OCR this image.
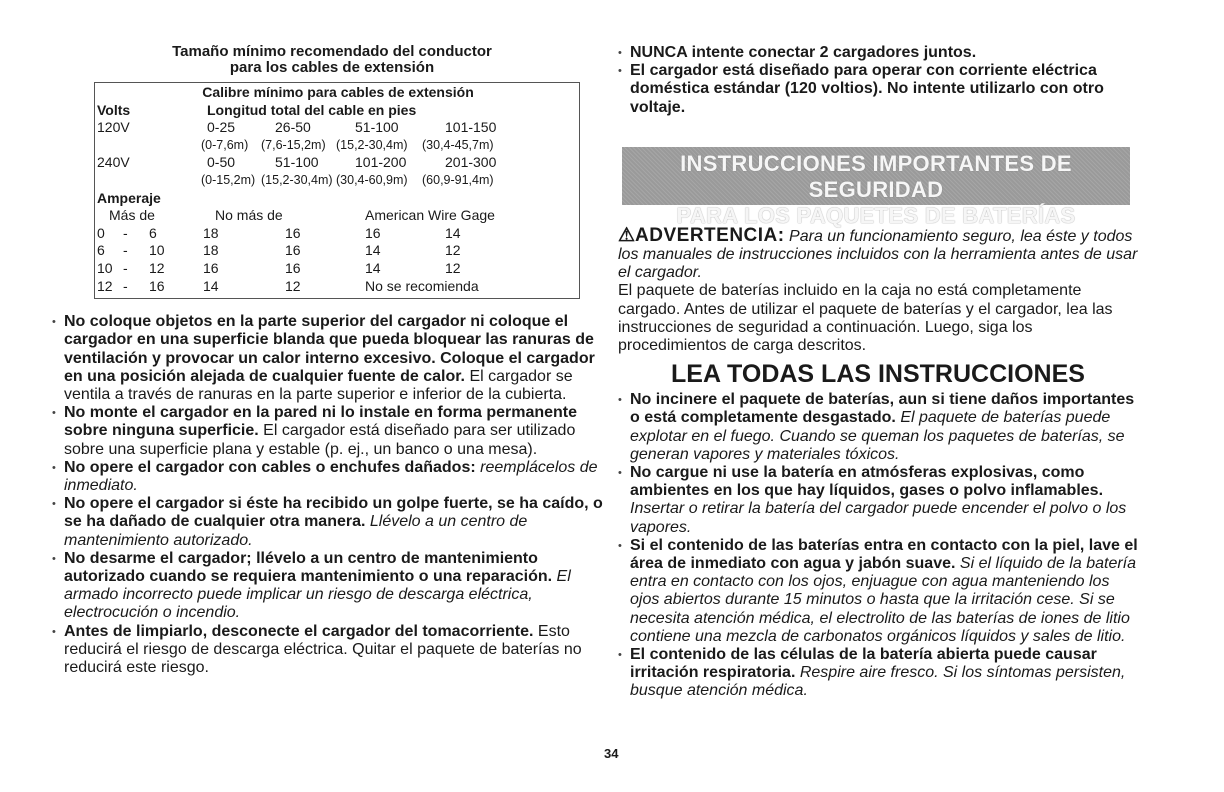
Tamaño mínimo recomendado del conductor
para los cables de extensión
Calibre mínimo para cables de extensión
Volts	Longitud total del cable en pies
120V	0-25	26-50	51-100	101-150
(0-7,6m)	(7,6-15,2m) (15,2-30,4m)	(30,4-45,7m)
240V	0-50	51-100	101-200	201-300
(0-15,2m) (15,2-30,4m) (30,4-60,9m)	(60,9-91,4m)
Amperaje
Más de	No más de	American Wire Gage
0	-	6	18	16	16	14
6	-	10	18	16	14	12
10 -	12	16	16	14	12
12 -	16	14	12	No se recomienda
• No coloque objetos en la parte superior del cargador ni coloque el cargador en una superficie blanda que pueda bloquear las ranuras de ventilación y provocar un calor interno excesivo. Coloque el cargador en una posición alejada de cualquier fuente de calor. El cargador se ventila a través de ranuras en la parte superior e inferior de la cubierta.
• No monte el cargador en la pared ni lo instale en forma permanente sobre ninguna superficie. El cargador está diseñado para ser utilizado sobre una superficie plana y estable (p. ej., un banco o una mesa).
• No opere el cargador con cables o enchufes dañados: reemplácelos de inmediato.
• No opere el cargador si éste ha recibido un golpe fuerte, se ha caído, o se ha dañado de cualquier otra manera. Llévelo a un centro de mantenimiento autorizado.
• No desarme el cargador; llévelo a un centro de mantenimiento autorizado cuando se requiera mantenimiento o una reparación. El armado incorrecto puede implicar un riesgo de descarga eléctrica, electrocución o incendio.
• Antes de limpiarlo, desconecte el cargador del tomacorriente. Esto reducirá el riesgo de descarga eléctrica. Quitar el paquete de baterías no reducirá este riesgo.
• NUNCA intente conectar 2 cargadores juntos.
• El cargador está diseñado para operar con corriente eléctrica doméstica estándar (120 voltios). No intente utilizarlo con otro voltaje.
INSTRUCCIONES IMPORTANTES DE SEGURIDAD
PARA LOS PAQUETES DE BATERÍAS

⚠ADVERTENCIA: Para un funcionamiento seguro, lea éste y todos los manuales de instrucciones incluidos con la herramienta antes de usar el cargador.

El paquete de baterías incluido en la caja no está completamente cargado. Antes de utilizar el paquete de baterías y el cargador, lea las instrucciones de seguridad a continuación. Luego, siga los procedimientos de carga descritos.

LEA TODAS LAS INSTRUCCIONES
• No incinere el paquete de baterías, aun si tiene daños importantes o está completamente desgastado. El paquete de baterías puede explotar en el fuego. Cuando se queman los paquetes de baterías, se generan vapores y materiales tóxicos.
• No cargue ni use la batería en atmósferas explosivas, como ambientes en los que hay líquidos, gases o polvo inflamables. Insertar o retirar la batería del cargador puede encender el polvo o los vapores.
• Si el contenido de las baterías entra en contacto con la piel, lave el área de inmediato con agua y jabón suave. Si el líquido de la batería entra en contacto con los ojos, enjuague con agua manteniendo los ojos abiertos durante 15 minutos o hasta que la irritación cese. Si se necesita atención médica, el electrolito de las baterías de iones de litio contiene una mezcla de carbonatos orgánicos líquidos y sales de litio.
• El contenido de las células de la batería abierta puede causar irritación respiratoria. Respire aire fresco. Si los síntomas persisten, busque atención médica.
34
